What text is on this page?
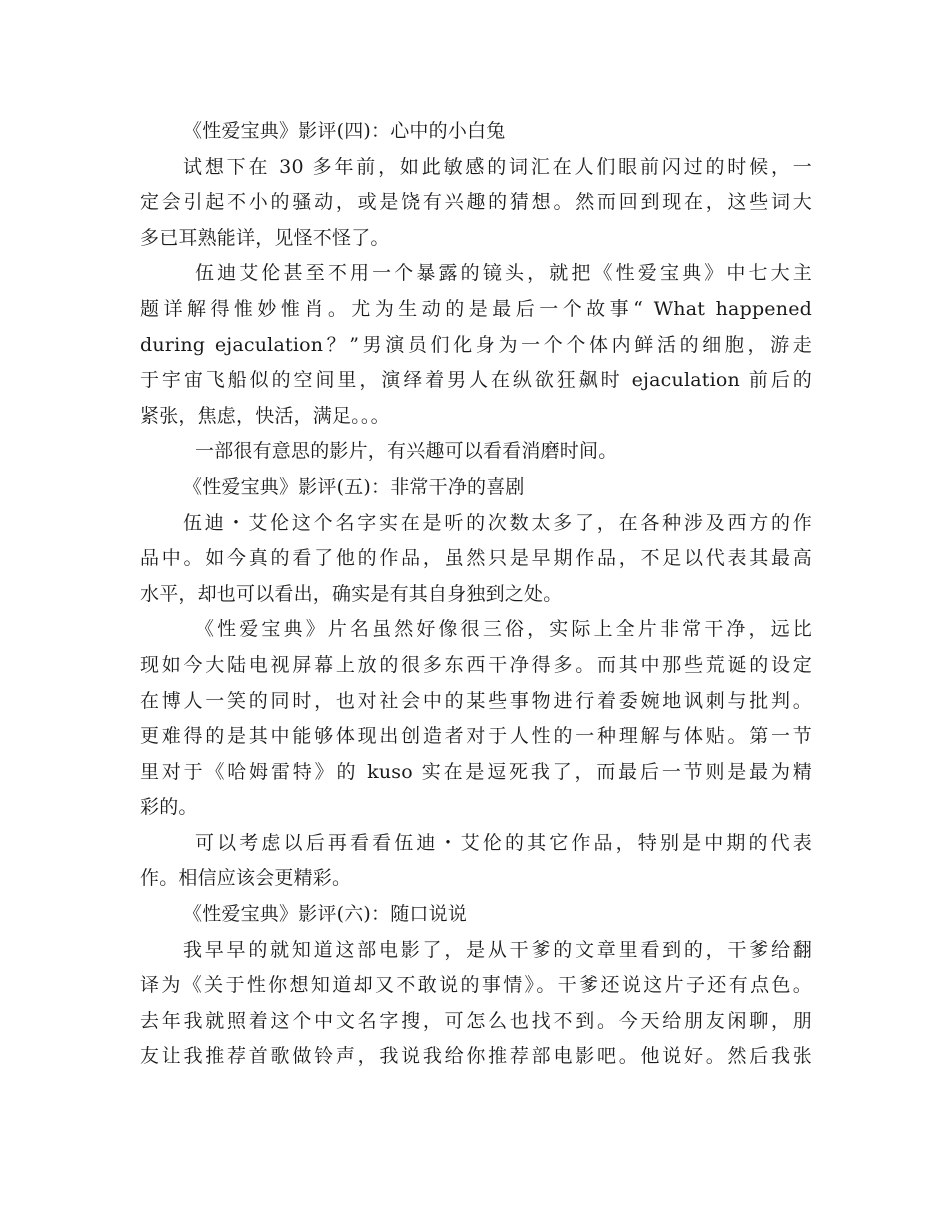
《性爱宝典》影评(四)：心中的小白兔
试想下在 30 多年前，如此敏感的词汇在人们眼前闪过的时候，一
定会引起不小的骚动，或是饶有兴趣的猜想。然而回到现在，这些词大
多已耳熟能详，见怪不怪了。
伍迪艾伦甚至不用一个暴露的镜头，就把《性爱宝典》中七大主
题详解得惟妙惟肖。尤为生动的是最后一个故事“ What happened
during ejaculation？”男演员们化身为一个个体内鲜活的细胞，游走
于宇宙飞船似的空间里，演绎着男人在纵欲狂飙时 ejaculation 前后的
紧张，焦虑，快活，满足。。。
一部很有意思的影片，有兴趣可以看看消磨时间。
《性爱宝典》影评(五)：非常干净的喜剧
伍迪・艾伦这个名字实在是听的次数太多了，在各种涉及西方的作
品中。如今真的看了他的作品，虽然只是早期作品，不足以代表其最高
水平，却也可以看出，确实是有其自身独到之处。
《性爱宝典》片名虽然好像很三俗，实际上全片非常干净，远比
现如今大陆电视屏幕上放的很多东西干净得多。而其中那些荒诞的设定
在博人一笑的同时，也对社会中的某些事物进行着委婉地讽刺与批判。
更难得的是其中能够体现出创造者对于人性的一种理解与体贴。第一节
里对于《哈姆雷特》的 kuso 实在是逗死我了，而最后一节则是最为精
彩的。
可以考虑以后再看看伍迪・艾伦的其它作品，特别是中期的代表
作。相信应该会更精彩。
《性爱宝典》影评(六)：随口说说
我早早的就知道这部电影了，是从干爹的文章里看到的，干爹给翻
译为《关于性你想知道却又不敢说的事情》。干爹还说这片子还有点色。
去年我就照着这个中文名字搜，可怎么也找不到。今天给朋友闲聊，朋
友让我推荐首歌做铃声，我说我给你推荐部电影吧。他说好。然后我张
